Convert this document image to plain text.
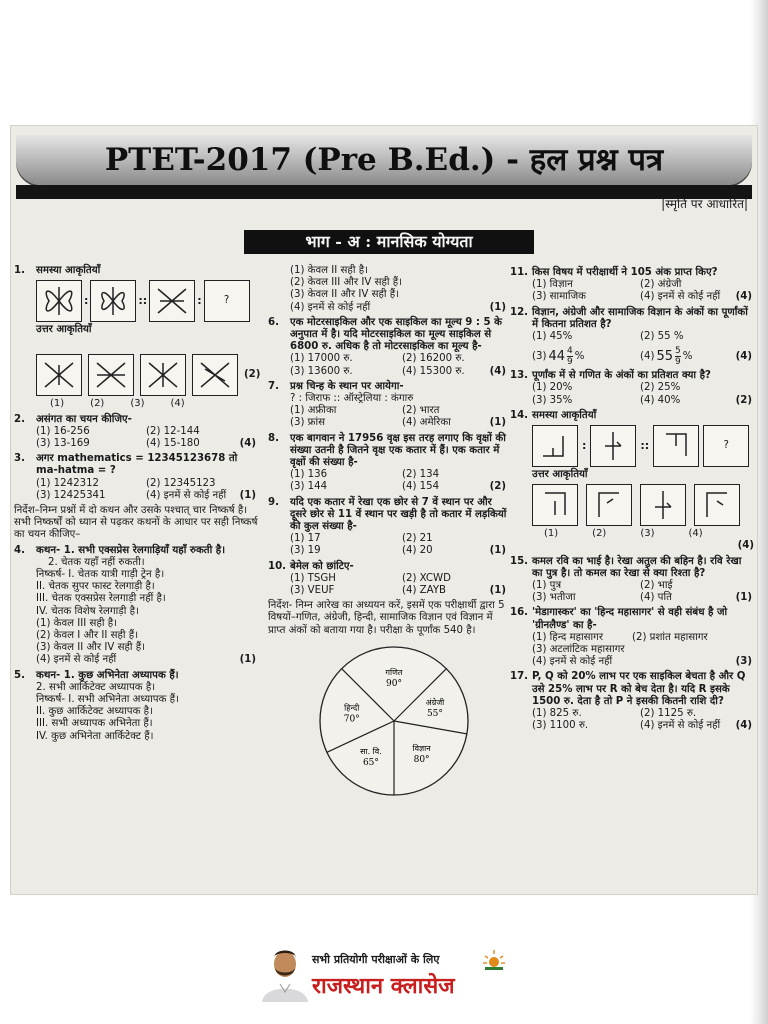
PTET-2017 (Pre B.Ed.) - हल प्रश्न पत्र
|स्मृति पर आधारित|
भाग - अ : मानसिक योग्यता
1. समस्या आकृतियाँ
:	::	:	?
उत्तर आकृतियाँ
(2)
(1)	(2)	(3)	(4)
2. असंगत का चयन कीजिए-
(1) 16-256	(2) 12-144
(3) 13-169	(4) 15-180	(4)
3. अगर mathematics = 12345123678 तो ma-hatma = ?
(1) 1242312	(2) 12345123
(3) 12425341	(4) इनमें से कोई नहीं (1)
निर्देश–निम्न प्रश्नों में दो कथन और उसके पश्चात् चार निष्कर्ष है। सभी निष्कर्षों को ध्यान से पढ़कर कथनों के आधार पर सही निष्कर्ष का चयन कीजिए–
4. कथन- 1. सभी एक्सप्रेस रेलगाड़ियाँ यहाँ रुकती है।
2. चेतक यहाँ नहीं रुकती।
निष्कर्ष- I. चेतक यात्री गाड़ी ट्रेन है।
II. चेतक सुपर फास्ट रेलगाड़ी है।
III. चेतक एक्सप्रेस रेलगाड़ी नहीं है।
IV. चेतक विशेष रेलगाड़ी है।
(1) केवल III सही है।
(2) केवल I और II सही हैं।
(3) केवल II और IV सही हैं।
(4) इनमें से कोई नहीं	(1)
5. कथन- 1. कुछ अभिनेता अध्यापक हैं।
2. सभी आर्किटेक्ट अध्यापक है।
निष्कर्ष- I. सभी अभिनेता अध्यापक हैं।
II. कुछ आर्किटेक्ट अध्यापक है।
III. सभी अध्यापक अभिनेता हैं।
IV. कुछ अभिनेता आर्किटेक्ट हैं।
(1) केवल II सही है।
(2) केवल III और IV सही हैं।
(3) केवल II और IV सही हैं।
(4) इनमें से कोई नहीं	(1)
6. एक मोटरसाइकिल और एक साइकिल का मूल्य 9 : 5 के अनुपात में है। यदि मोटरसाइकिल का मूल्य साइकिल से 6800 रु. अधिक है तो मोटरसाइकिल का मूल्य है-
(1) 17000 रु.	(2) 16200 रु.
(3) 13600 रु.	(4) 15300 रु. (4)
7. प्रश्न चिन्ह के स्थान पर आयेगा-
? : जिराफ :: ऑस्ट्रेलिया : कंगारु
(1) अफ्रीका	(2) भारत
(3) फ्रांस	(4) अमेरिका	(1)
8. एक बागवान ने 17956 वृक्ष इस तरह लगाए कि वृक्षों की संख्या उतनी है जितने वृक्ष एक कतार में हैं। एक कतार में वृक्षों की संख्या है-
(1) 136	(2) 134
(3) 144	(4) 154	(2)
9. यदि एक कतार में रेखा एक छोर से 7 वें स्थान पर और दूसरे छोर से 11 वें स्थान पर खड़ी है तो कतार में लड़कियों की कुल संख्या है-
(1) 17	(2) 21
(3) 19	(4) 20	(1)
10. बेमेल को छांटिए-
(1) TSGH	(2) XCWD
(3) VEUF	(4) ZAYB	(1)
निर्देश- निम्न आरेख का अध्ययन करें, इसमें एक परीक्षार्थी द्वारा 5 विषयों–गणित, अंग्रेजी, हिन्दी, सामाजिक विज्ञान एवं विज्ञान में प्राप्त अंकों को बताया गया है। परीक्षा के पूर्णांक 540 है।
गणित
90°
अंग्रेजी
55°
विज्ञान
80°
सा. वि.
65°
हिन्दी
70°
11. किस विषय में परीक्षार्थी ने 105 अंक प्राप्त किए?
(1) विज्ञान	(2) अंग्रेजी
(3) सामाजिक	(4) इनमें से कोई नहीं (4)
12. विज्ञान, अंग्रेजी और सामाजिक विज्ञान के अंकों का पूर्णांकों में कितना प्रतिशत है?
(1) 45%	(2) 55 %
(3) $44 \frac{4}{9}$ %	(4) $55 \frac{5}{9}$ %	(4)
13. पूर्णांक में से गणित के अंकों का प्रतिशत क्या है?
(1) 20%	(2) 25%
(3) 35%	(4) 40%	(2)
14. समस्या आकृतियाँ
:	::	?
उत्तर आकृतियाँ
(1)	(2)	(3)	(4)
(4)
15. कमल रवि का भाई है। रेखा अतुल की बहिन है। रवि रेखा का पुत्र है। तो कमल का रेखा से क्या रिश्ता है?
(1) पुत्र	(2) भाई
(3) भतीजा	(4) पति	(1)
16. 'मेडागास्कर' का 'हिन्द महासागर' से वही संबंध है जो 'ग्रीनलैण्ड' का है-
(1) हिन्द महासागर	(2) प्रशांत महासागर
(3) अटलांटिक महासागर
(4) इनमें से कोई नहीं	(3)
17. P, Q को 20% लाभ पर एक साइकिल बेचता है और Q उसे 25% लाभ पर R को बेच देता है। यदि R इसके 1500 रु. देता है तो P ने इसकी कितनी राशि दी?
(1) 825 रु.	(2) 1125 रु.
(3) 1100 रु.	(4) इनमें से कोई नहीं (4)
सभी प्रतियोगी परीक्षाओं के लिए
राजस्थान क्लासेज
